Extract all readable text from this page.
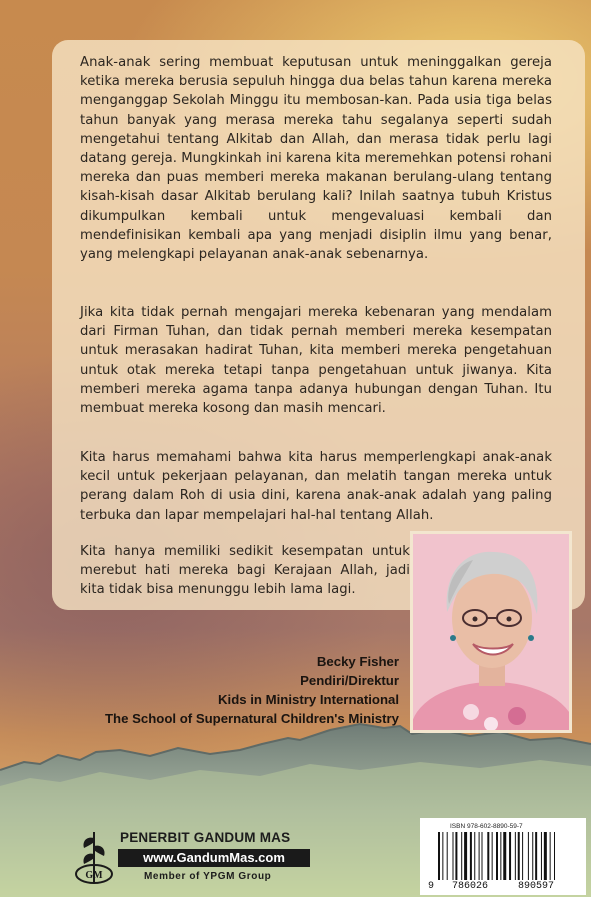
Anak-anak sering membuat keputusan untuk meninggalkan gereja ketika mereka berusia sepuluh hingga dua belas tahun karena mereka menganggap Sekolah Minggu itu membosan-kan. Pada usia tiga belas tahun banyak yang merasa mereka tahu segalanya seperti sudah mengetahui tentang Alkitab dan Allah, dan merasa tidak perlu lagi datang gereja. Mungkinkah ini karena kita meremehkan potensi rohani mereka dan puas memberi mereka makanan berulang-ulang tentang kisah-kisah dasar Alkitab berulang kali? Inilah saatnya tubuh Kristus dikumpulkan kembali untuk mengevaluasi kembali dan mendefinisikan kembali apa yang menjadi disiplin ilmu yang benar, yang melengkapi pelayanan anak-anak sebenarnya.

Jika kita tidak pernah mengajari mereka kebenaran yang mendalam dari Firman Tuhan, dan tidak pernah memberi mereka kesempatan untuk merasakan hadirat Tuhan, kita memberi mereka pengetahuan untuk otak mereka tetapi tanpa pengetahuan untuk jiwanya. Kita memberi mereka agama tanpa adanya hubungan dengan Tuhan. Itu membuat mereka kosong dan masih mencari.

Kita harus memahami bahwa kita harus memperlengkapi anak-anak kecil untuk pekerjaan pelayanan, dan melatih tangan mereka untuk perang dalam Roh di usia dini, karena anak-anak adalah yang paling terbuka dan lapar mempelajari hal-hal tentang Allah.

Kita hanya memiliki sedikit kesempatan untuk merebut hati mereka bagi Kerajaan Allah, jadi kita tidak bisa menunggu lebih lama lagi.

Becky Fisher

Pendiri/Direktur

Kids in Ministry International

The School of Supernatural Children's Ministry

GM

PENERBIT GANDUM MAS

www.GandumMas.com

Member of YPGM Group

ISBN 978-602-8890-59-7

9 786026	890597
